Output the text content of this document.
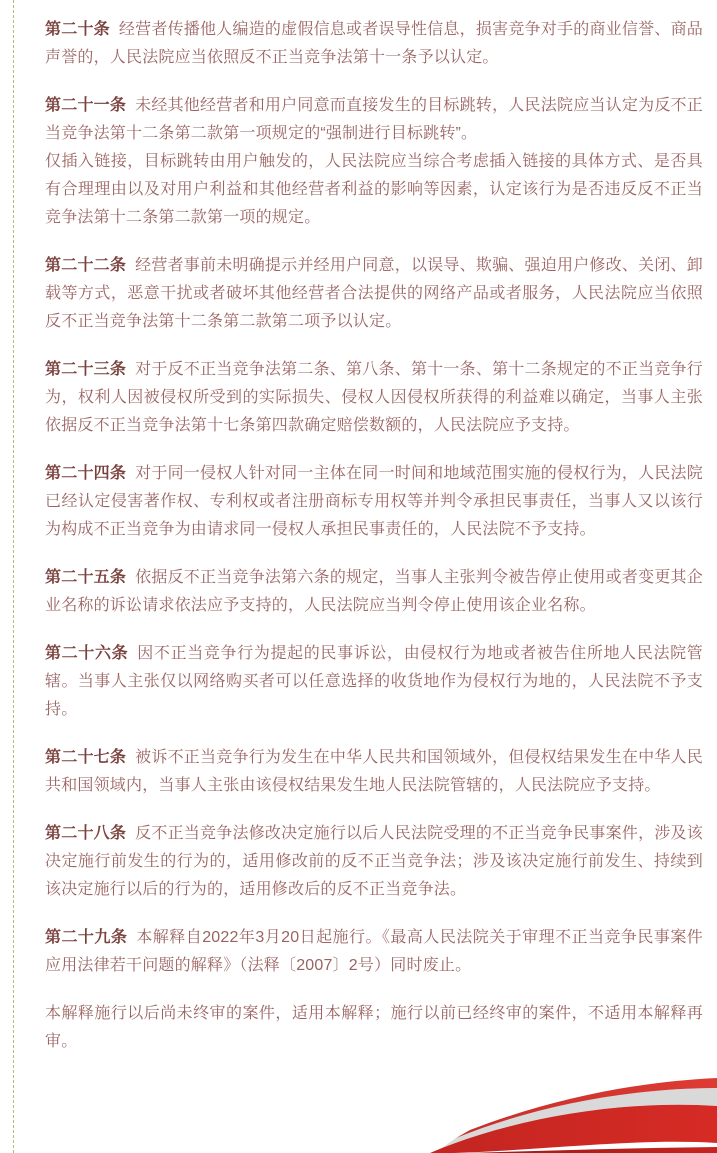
第二十条 经营者传播他人编造的虚假信息或者误导性信息，损害竞争对手的商业信誉、商品声誉的，人民法院应当依照反不正当竞争法第十一条予以认定。

第二十一条 未经其他经营者和用户同意而直接发生的目标跳转，人民法院应当认定为反不正当竞争法第十二条第二款第一项规定的“强制进行目标跳转”。

仅插入链接，目标跳转由用户触发的，人民法院应当综合考虑插入链接的具体方式、是否具有合理理由以及对用户利益和其他经营者利益的影响等因素，认定该行为是否违反反不正当竞争法第十二条第二款第一项的规定。

第二十二条 经营者事前未明确提示并经用户同意，以误导、欺骗、强迫用户修改、关闭、卸载等方式，恶意干扰或者破坏其他经营者合法提供的网络产品或者服务，人民法院应当依照反不正当竞争法第十二条第二款第二项予以认定。

第二十三条 对于反不正当竞争法第二条、第八条、第十一条、第十二条规定的不正当竞争行为，权利人因被侵权所受到的实际损失、侵权人因侵权所获得的利益难以确定，当事人主张依据反不正当竞争法第十七条第四款确定赔偿数额的，人民法院应予支持。

第二十四条 对于同一侵权人针对同一主体在同一时间和地域范围实施的侵权行为，人民法院已经认定侵害著作权、专利权或者注册商标专用权等并判令承担民事责任，当事人又以该行为构成不正当竞争为由请求同一侵权人承担民事责任的，人民法院不予支持。

第二十五条 依据反不正当竞争法第六条的规定，当事人主张判令被告停止使用或者变更其企业名称的诉讼请求依法应予支持的，人民法院应当判令停止使用该企业名称。

第二十六条 因不正当竞争行为提起的民事诉讼，由侵权行为地或者被告住所地人民法院管辖。当事人主张仅以网络购买者可以任意选择的收货地作为侵权行为地的，人民法院不予支持。

第二十七条 被诉不正当竞争行为发生在中华人民共和国领域外，但侵权结果发生在中华人民共和国领域内，当事人主张由该侵权结果发生地人民法院管辖的，人民法院应予支持。

第二十八条 反不正当竞争法修改决定施行以后人民法院受理的不正当竞争民事案件，涉及该决定施行前发生的行为的，适用修改前的反不正当竞争法；涉及该决定施行前发生、持续到该决定施行以后的行为的，适用修改后的反不正当竞争法。

第二十九条 本解释自2022年3月20日起施行。《最高人民法院关于审理不正当竞争民事案件应用法律若干问题的解释》（法释〔2007〕2号）同时废止。

本解释施行以后尚未终审的案件，适用本解释；施行以前已经终审的案件，不适用本解释再审。
